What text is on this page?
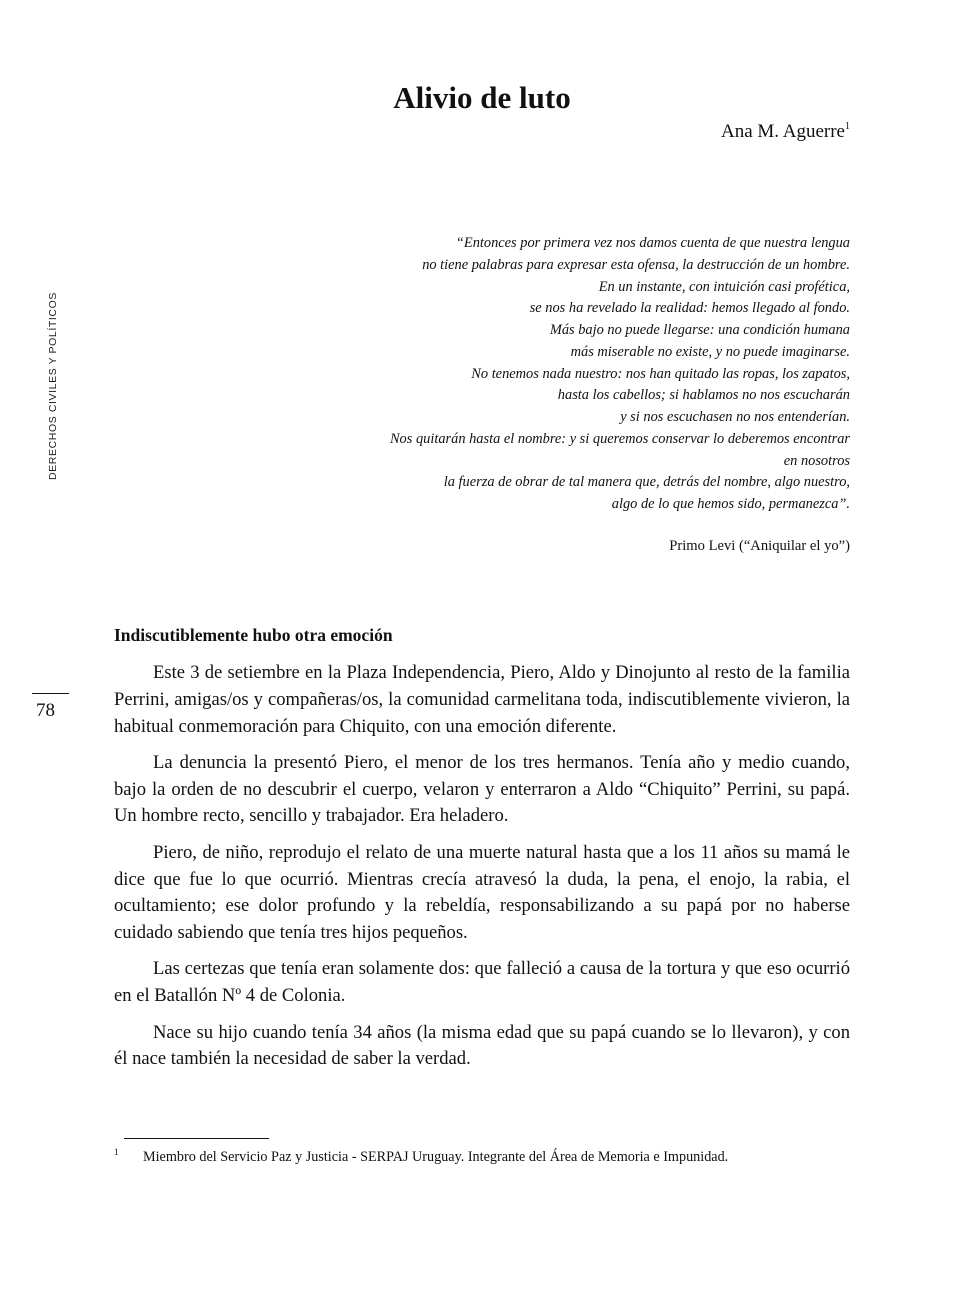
DERECHOS CIVILES Y POLÍTICOS
78
Alivio de luto
Ana M. Aguerre$^1$
“Entonces por primera vez nos damos cuenta de que nuestra lengua
no tiene palabras para expresar esta ofensa, la destrucción de un hombre.
En un instante, con intuición casi profética,
se nos ha revelado la realidad: hemos llegado al fondo.
Más bajo no puede llegarse: una condición humana
más miserable no existe, y no puede imaginarse.
No tenemos nada nuestro: nos han quitado las ropas, los zapatos,
hasta los cabellos; si hablamos no nos escucharán
y si nos escuchasen no nos entenderían.
Nos quitarán hasta el nombre: y si queremos conservar lo deberemos encontrar
en nosotros
la fuerza de obrar de tal manera que, detrás del nombre, algo nuestro,
algo de lo que hemos sido, permanezca”.
Primo Levi (“Aniquilar el yo”)
Indiscutiblemente hubo otra emoción

Este 3 de setiembre en la Plaza Independencia, Piero, Aldo y Dinojunto al resto de la familia Perrini, amigas/os y compañeras/os, la comunidad carmelitana toda, indiscutiblemente vivieron, la habitual conmemoración para Chiquito, con una emoción diferente.

La denuncia la presentó Piero, el menor de los tres hermanos. Tenía año y medio cuando, bajo la orden de no descubrir el cuerpo, velaron y enterraron a Aldo “Chiquito” Perrini, su papá. Un hombre recto, sencillo y trabajador. Era heladero.

Piero, de niño, reprodujo el relato de una muerte natural hasta que a los 11 años su mamá le dice que fue lo que ocurrió. Mientras crecía atravesó la duda, la pena, el enojo, la rabia, el ocultamiento; ese dolor profundo y la rebeldía, responsabilizando a su papá por no haberse cuidado sabiendo que tenía tres hijos pequeños.

Las certezas que tenía eran solamente dos: que falleció a causa de la tortura y que eso ocurrió en el Batallón Nº 4 de Colonia.

Nace su hijo cuando tenía 34 años (la misma edad que su papá cuando se lo llevaron), y con él nace también la necesidad de saber la verdad.

1 Miembro del Servicio Paz y Justicia - SERPAJ Uruguay. Integrante del Área de Memoria e Impunidad.
